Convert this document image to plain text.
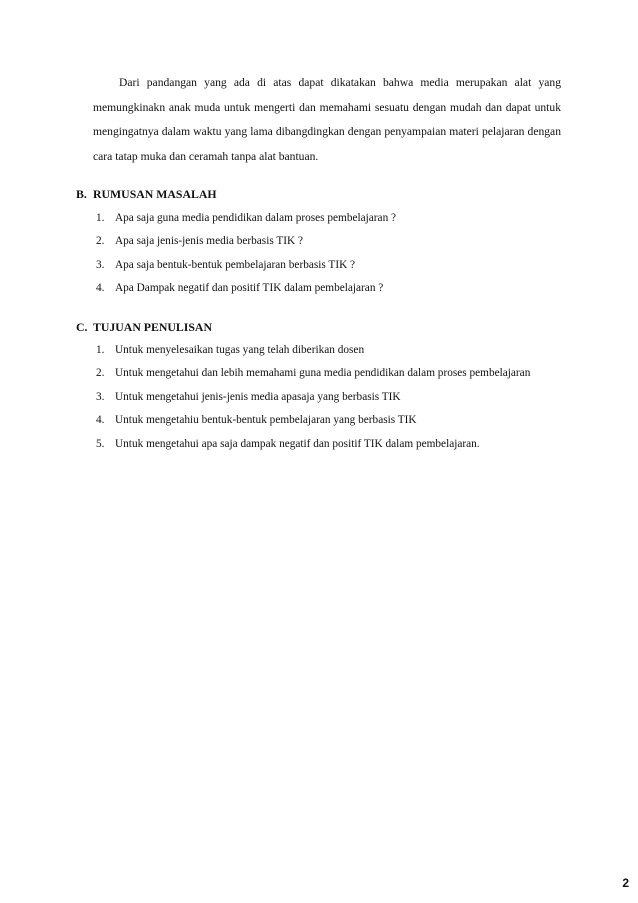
Dari pandangan yang ada di atas dapat dikatakan bahwa media merupakan alat yang memungkinakn anak muda untuk mengerti dan memahami sesuatu dengan mudah dan dapat untuk mengingatnya dalam waktu yang lama dibangdingkan dengan penyampaian materi pelajaran dengan cara tatap muka dan ceramah tanpa alat bantuan.

B. RUMUSAN MASALAH
1. Apa saja guna media pendidikan dalam proses pembelajaran ?
2. Apa saja jenis-jenis media berbasis TIK ?
3. Apa saja bentuk-bentuk pembelajaran berbasis TIK ?
4. Apa Dampak negatif dan positif TIK dalam pembelajaran ?
C. TUJUAN PENULISAN
1. Untuk menyelesaikan tugas yang telah diberikan dosen
2. Untuk mengetahui dan lebih memahami guna media pendidikan dalam proses pembelajaran
3. Untuk mengetahui jenis-jenis media apasaja yang berbasis TIK
4. Untuk mengetahiu bentuk-bentuk pembelajaran yang berbasis TIK
5. Untuk mengetahui apa saja dampak negatif dan positif TIK dalam pembelajaran.

2
